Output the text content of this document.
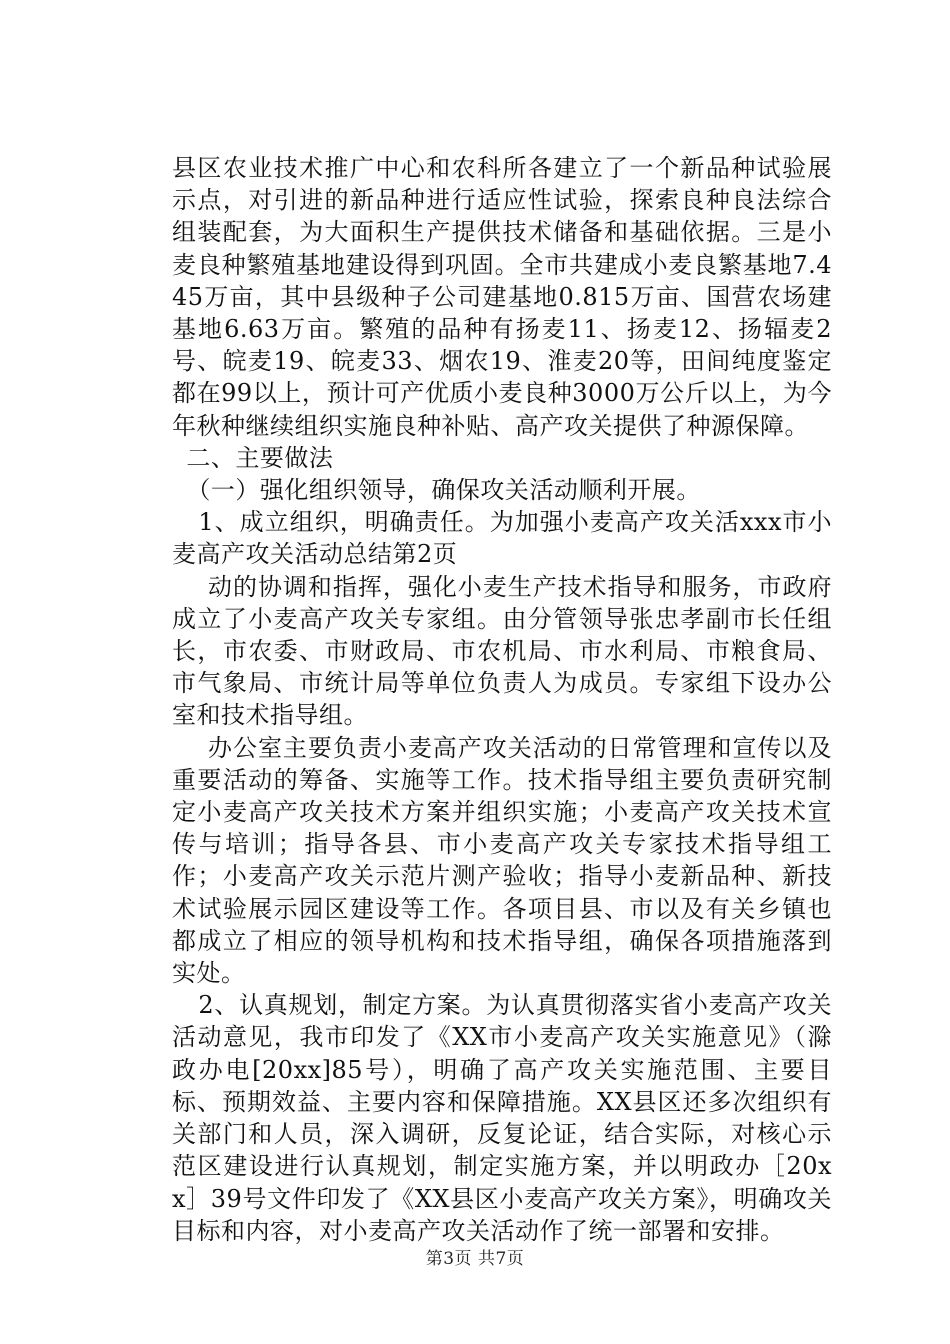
县区农业技术推广中心和农科所各建立了一个新品种试验展示点，对引进的新品种进行适应性试验，探索良种良法综合组装配套，为大面积生产提供技术储备和基础依据。三是小麦良种繁殖基地建设得到巩固。全市共建成小麦良繁基地7.445万亩，其中县级种子公司建基地0.815万亩、国营农场建基地6.63万亩。繁殖的品种有扬麦11、扬麦12、扬辐麦2号、皖麦19、皖麦33、烟农19、淮麦20等，田间纯度鉴定都在99以上，预计可产优质小麦良种3000万公斤以上，为今年秋种继续组织实施良种补贴、高产攻关提供了种源保障。

二、主要做法

（一）强化组织领导，确保攻关活动顺利开展。

1、成立组织，明确责任。为加强小麦高产攻关活xxx市小麦高产攻关活动总结第2页

动的协调和指挥，强化小麦生产技术指导和服务，市政府成立了小麦高产攻关专家组。由分管领导张忠孝副市长任组长，市农委、市财政局、市农机局、市水利局、市粮食局、市气象局、市统计局等单位负责人为成员。专家组下设办公室和技术指导组。

办公室主要负责小麦高产攻关活动的日常管理和宣传以及重要活动的筹备、实施等工作。技术指导组主要负责研究制定小麦高产攻关技术方案并组织实施；小麦高产攻关技术宣传与培训；指导各县、市小麦高产攻关专家技术指导组工作；小麦高产攻关示范片测产验收；指导小麦新品种、新技术试验展示园区建设等工作。各项目县、市以及有关乡镇也都成立了相应的领导机构和技术指导组，确保各项措施落到实处。

2、认真规划，制定方案。为认真贯彻落实省小麦高产攻关活动意见，我市印发了《XX市小麦高产攻关实施意见》（滁政办电[20xx]85号），明确了高产攻关实施范围、主要目标、预期效益、主要内容和保障措施。XX县区还多次组织有关部门和人员，深入调研，反复论证，结合实际，对核心示范区建设进行认真规划，制定实施方案，并以明政办［20xx］39号文件印发了《XX县区小麦高产攻关方案》，明确攻关目标和内容，对小麦高产攻关活动作了统一部署和安排。

第3页 共7页
